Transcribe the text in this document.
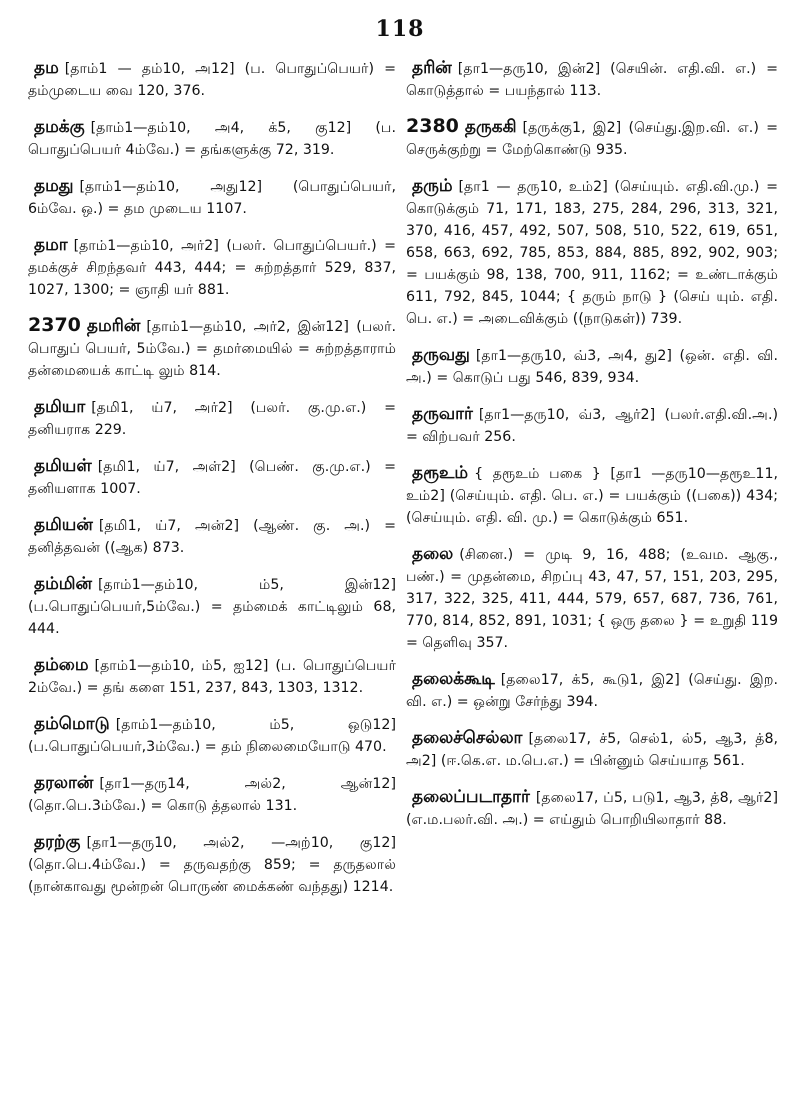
118
தம [தாம்1 — தம்10, அ12] (ப. பொதுப்பெயர்) = தம்முடைய வை 120, 376.
தமக்கு [தாம்1—தம்10, அ4, க்5, கு12] (ப. பொதுப்பெயர் 4ம்வே.) = தங்களுக்கு 72, 319.
தமது [தாம்1—தம்10, அது12] (பொதுப்பெயர், 6ம்வே. ஒ.) = தம முடைய 1107.
தமா [தாம்1—தம்10, அர்2] (பலர். பொதுப்பெயர்.) = தமக்குச் சிறந்தவர் 443, 444; = சுற்றத்தார் 529, 837, 1027, 1300; = ஞாதி யர் 881.
2370 தமரின் [தாம்1—தம்10, அர்2, இன்12] (பலர். பொதுப் பெயர், 5ம்வே.) = தமர்மையில் = சுற்றத்தாராம் தன்மையைக் காட்டி லும் 814.
தமியா [தமி1, ய்7, அர்2] (பலர். கு.மு.எ.) = தனியராக 229.
தமியள் [தமி1, ய்7, அள்2] (பெண். கு.மு.எ.) = தனியளாக 1007.
தமியன் [தமி1, ய்7, அன்2] (ஆண். கு. அ.) = தனித்தவன் ((ஆக) 873.
தம்மின் [தாம்1—தம்10, ம்5, இன்12] (ப.பொதுப்பெயர்,5ம்வே.) = தம்மைக் காட்டிலும் 68, 444.
தம்மை [தாம்1—தம்10, ம்5, ஐ12] (ப. பொதுப்பெயர் 2ம்வே.) = தங் களை 151, 237, 843, 1303, 1312.
தம்மொடு [தாம்1—தம்10, ம்5, ஒடு12] (ப.பொதுப்பெயர்,3ம்வே.) = தம் நிலைமையோடு 470.
தரலான் [தா1—தரு14, அல்2, ஆன்12] (தொ.பெ.3ம்வே.) = கொடு த்தலால் 131.
தரற்கு [தா1—தரு10, அல்2, —அற்10, கு12] (தொ.பெ.4ம்வே.) = தருவதற்கு 859; = தருதலால் (நான்காவது மூன்றன் பொருண் மைக்கண் வந்தது) 1214.
தரின் [தா1—தரு10, இன்2] (செயின். எதி.வி. எ.) = கொடுத்தால் = பயந்தால் 113.
2380 தருககி [தருக்கு1, இ2] (செய்து.இற.வி. எ.) = செருக்குற்று = மேற்கொண்டு 935.
தரும் [தா1 — தரு10, உம்2] (செய்யும். எதி.வி.மு.) = கொடுக்கும் 71, 171, 183, 275, 284, 296, 313, 321, 370, 416, 457, 492, 507, 508, 510, 522, 619, 651, 658, 663, 692, 785, 853, 884, 885, 892, 902, 903; = பயக்கும் 98, 138, 700, 911, 1162; = உண்டாக்கும் 611, 792, 845, 1044; { தரும் நாடு } (செய் யும். எதி. பெ. எ.) = அடைவிக்கும் ((நாடுகள்)) 739.
தருவது [தா1—தரு10, வ்3, அ4, து2] (ஒன். எதி. வி. அ.) = கொடுப் பது 546, 839, 934.
தருவார் [தா1—தரு10, வ்3, ஆர்2] (பலர்.எதி.வி.அ.) = விற்பவர் 256.
தரூஉம் { தரூஉம் பகை } [தா1 —தரு10—தரூஉ11, உம்2] (செய்யும். எதி. பெ. எ.) = பயக்கும் ((பகை)) 434; (செய்யும். எதி. வி. மு.) = கொடுக்கும் 651.
தலை (சினை.) = முடி 9, 16, 488; (உவம. ஆகு., பண்.) = முதன்மை, சிறப்பு 43, 47, 57, 151, 203, 295, 317, 322, 325, 411, 444, 579, 657, 687, 736, 761, 770, 814, 852, 891, 1031; { ஒரு தலை } = உறுதி 119 = தெளிவு 357.
தலைக்கூடி [தலை17, க்5, கூடு1, இ2] (செய்து. இற. வி. எ.) = ஒன்று சேர்ந்து 394.
தலைச்செல்லா [தலை17, ச்5, செல்1, ல்5, ஆ3, த்8, அ2] (ஈ.கெ.எ. ம.பெ.எ.) = பின்னும் செய்யாத 561.
தலைப்படாதார் [தலை17, ப்5, படு1, ஆ3, த்8, ஆர்2] (எ.ம.பலர்.வி. அ.) = எய்தும் பொறியிலாதார் 88.
